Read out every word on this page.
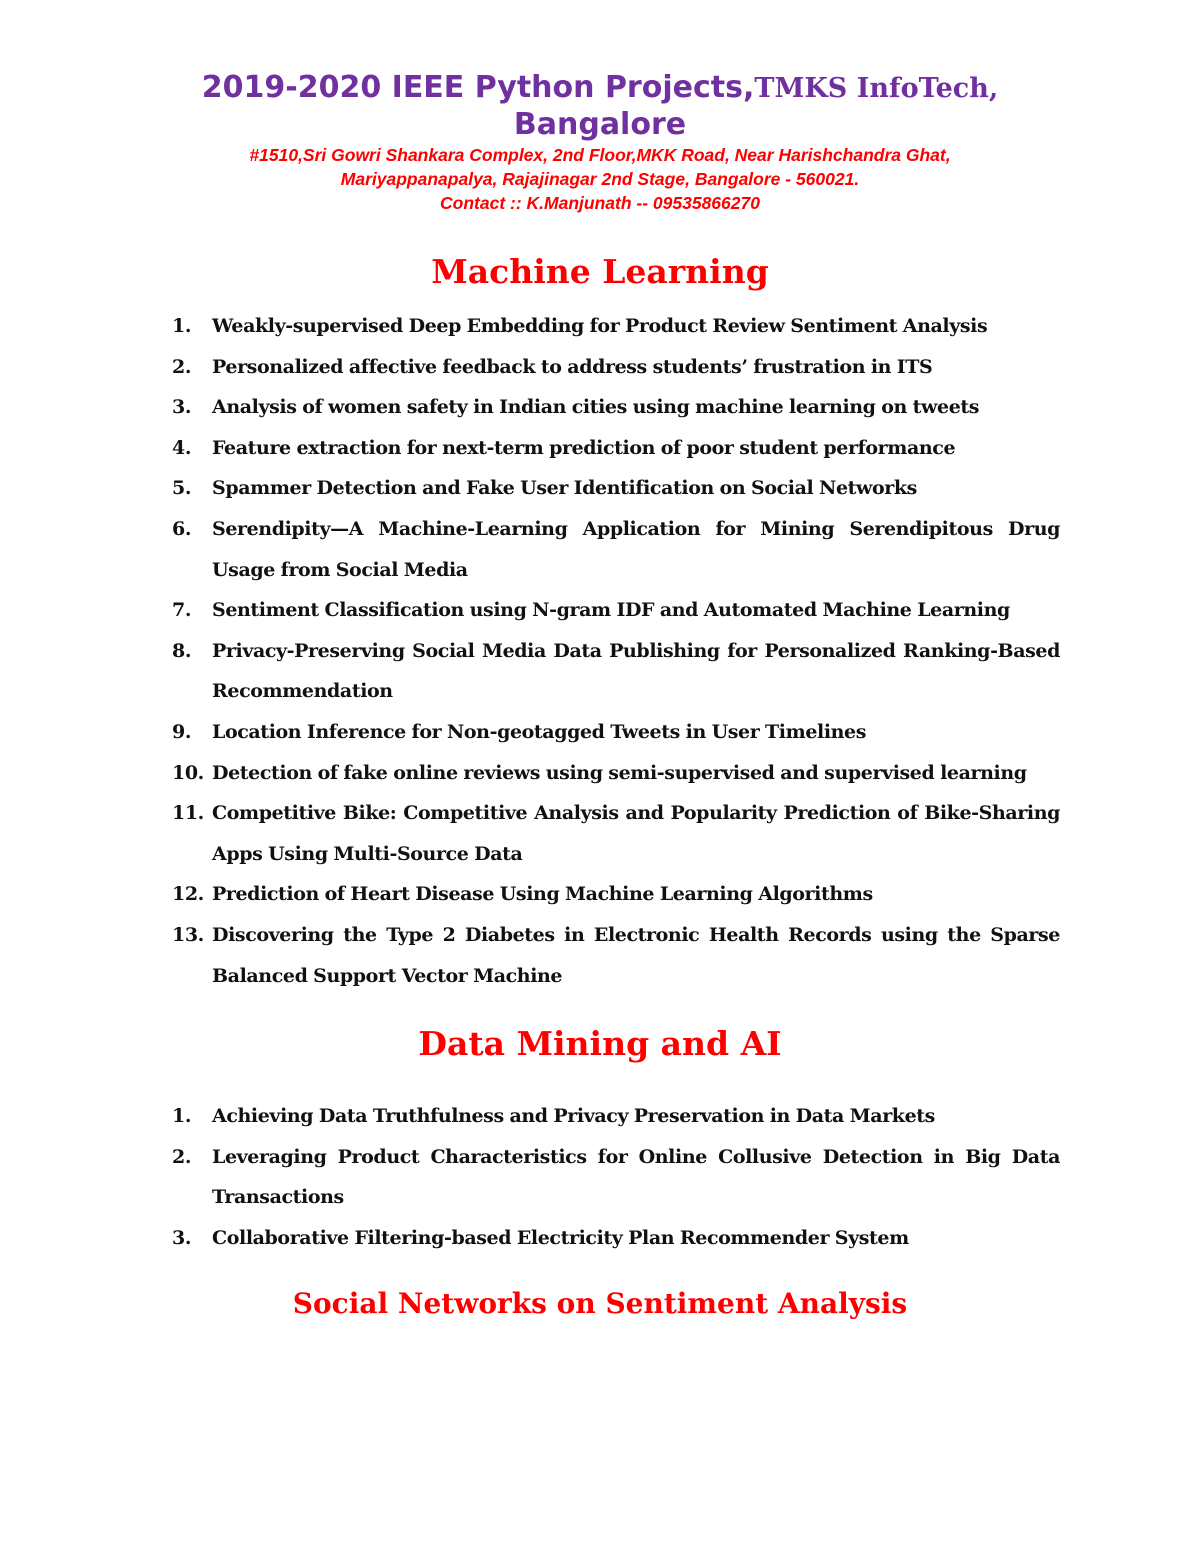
2019-2020 IEEE Python Projects,TMKS InfoTech,

Bangalore

#1510,Sri Gowri Shankara Complex, 2nd Floor,MKK Road, Near Harishchandra Ghat,

Mariyappanapalya, Rajajinagar 2nd Stage, Bangalore - 560021.

Contact :: K.Manjunath -- 09535866270

Machine Learning
1. Weakly-supervised Deep Embedding for Product Review Sentiment Analysis
2. Personalized affective feedback to address students’ frustration in ITS
3. Analysis of women safety in Indian cities using machine learning on tweets
4. Feature extraction for next-term prediction of poor student performance
5. Spammer Detection and Fake User Identification on Social Networks
6. Serendipity—A Machine-Learning Application for Mining Serendipitous Drug Usage from Social Media
7. Sentiment Classification using N-gram IDF and Automated Machine Learning
8. Privacy-Preserving Social Media Data Publishing for Personalized Ranking-Based Recommendation
9. Location Inference for Non-geotagged Tweets in User Timelines
10. Detection of fake online reviews using semi-supervised and supervised learning
11. Competitive Bike: Competitive Analysis and Popularity Prediction of Bike-Sharing Apps Using Multi-Source Data
12. Prediction of Heart Disease Using Machine Learning Algorithms
13. Discovering the Type 2 Diabetes in Electronic Health Records using the Sparse Balanced Support Vector Machine
Data Mining and AI
1. Achieving Data Truthfulness and Privacy Preservation in Data Markets
2. Leveraging Product Characteristics for Online Collusive Detection in Big Data Transactions
3. Collaborative Filtering-based Electricity Plan Recommender System
Social Networks on Sentiment Analysis
